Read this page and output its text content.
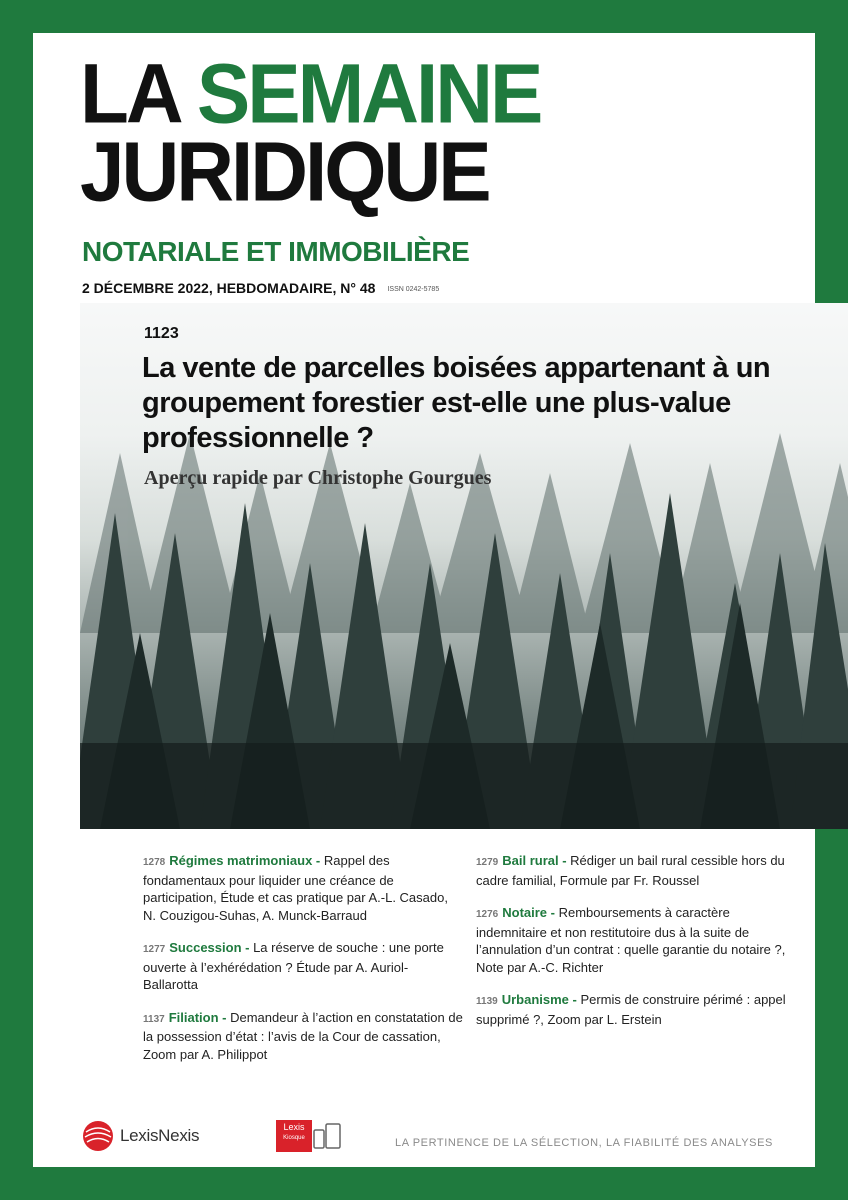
LA SEMAINE
JURIDIQUE
NOTARIALE ET IMMOBILIÈRE
2 DÉCEMBRE 2022, HEBDOMADAIRE, N° 48 ISSN 0242-5785
1123
La vente de parcelles boisées appartenant à un groupement forestier est-elle une plus-value professionnelle ?
Aperçu rapide par Christophe Gourgues
1278 Régimes matrimoniaux - Rappel des fondamentaux pour liquider une créance de participation, Étude et cas pratique par A.-L. Casado, N. Couzigou-Suhas, A. Munck-Barraud
1277 Succession - La réserve de souche : une porte ouverte à l’exhérédation ? Étude par A. Auriol-Ballarotta
1137 Filiation - Demandeur à l’action en constatation de la possession d’état : l’avis de la Cour de cassation, Zoom par A. Philippot
1279 Bail rural - Rédiger un bail rural cessible hors du cadre familial, Formule par Fr. Roussel
1276 Notaire - Remboursements à caractère indemnitaire et non restitutoire dus à la suite de l’annulation d’un contrat : quelle garantie du notaire ?, Note par A.-C. Richter
1139 Urbanisme - Permis de construire périmé : appel supprimé ?, Zoom par L. Erstein
LexisNexis	Lexis
Kiosque	LA PERTINENCE DE LA SÉLECTION, LA FIABILITÉ DES ANALYSES
